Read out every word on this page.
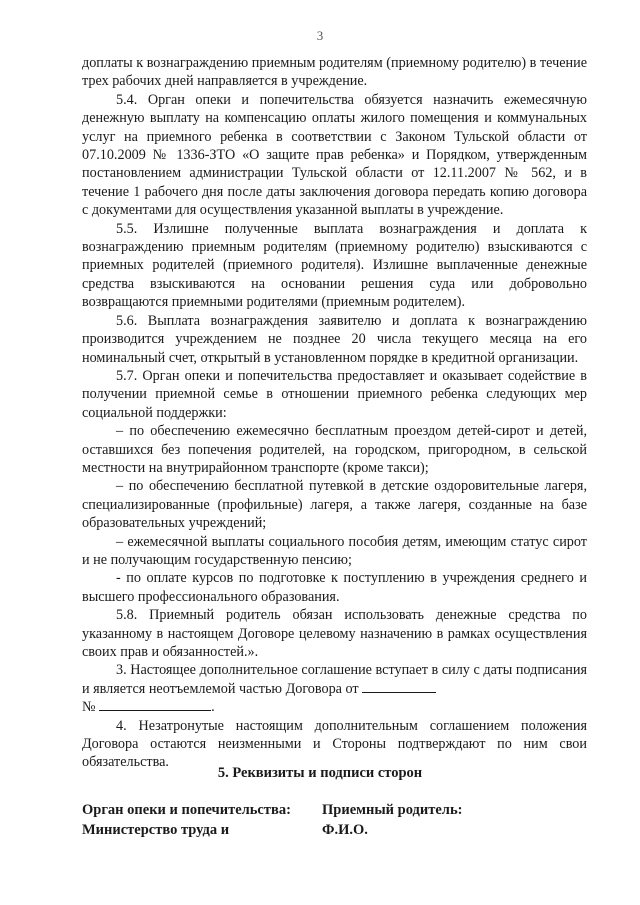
3

доплаты к вознаграждению приемным родителям (приемному родителю) в течение трех рабочих дней направляется в учреждение.

5.4. Орган опеки и попечительства обязуется назначить ежемесячную денежную выплату на компенсацию оплаты жилого помещения и коммунальных услуг на приемного ребенка в соответствии с Законом Тульской области от 07.10.2009 № 1336-ЗТО «О защите прав ребенка» и Порядком, утвержденным постановлением администрации Тульской области от 12.11.2007 № 562, и в течение 1 рабочего дня после даты заключения договора передать копию договора с документами для осуществления указанной выплаты в учреждение.

5.5. Излишне полученные выплата вознаграждения и доплата к вознаграждению приемным родителям (приемному родителю) взыскиваются с приемных родителей (приемного родителя). Излишне выплаченные денежные средства взыскиваются на основании решения суда или добровольно возвращаются приемными родителями (приемным родителем).

5.6. Выплата вознаграждения заявителю и доплата к вознаграждению производится учреждением не позднее 20 числа текущего месяца на его номинальный счет, открытый в установленном порядке в кредитной организации.

5.7. Орган опеки и попечительства предоставляет и оказывает содействие в получении приемной семье в отношении приемного ребенка следующих мер социальной поддержки:

– по обеспечению ежемесячно бесплатным проездом детей-сирот и детей, оставшихся без попечения родителей, на городском, пригородном, в сельской местности на внутрирайонном транспорте (кроме такси);

– по обеспечению бесплатной путевкой в детские оздоровительные лагеря, специализированные (профильные) лагеря, а также лагеря, созданные на базе образовательных учреждений;

– ежемесячной выплаты социального пособия детям, имеющим статус сирот и не получающим государственную пенсию;

- по оплате курсов по подготовке к поступлению в учреждения среднего и высшего профессионального образования.

5.8. Приемный родитель обязан использовать денежные средства по указанному в настоящем Договоре целевому назначению в рамках осуществления своих прав и обязанностей.».

3. Настоящее дополнительное соглашение вступает в силу с даты подписания и является неотъемлемой частью Договора от

№	.

4. Незатронутые настоящим дополнительным соглашением положения Договора остаются неизменными и Стороны подтверждают по ним свои обязательства.

5. Реквизиты и подписи сторон
Орган опеки и попечительства:
Министерство труда и
Приемный родитель:
Ф.И.О.
